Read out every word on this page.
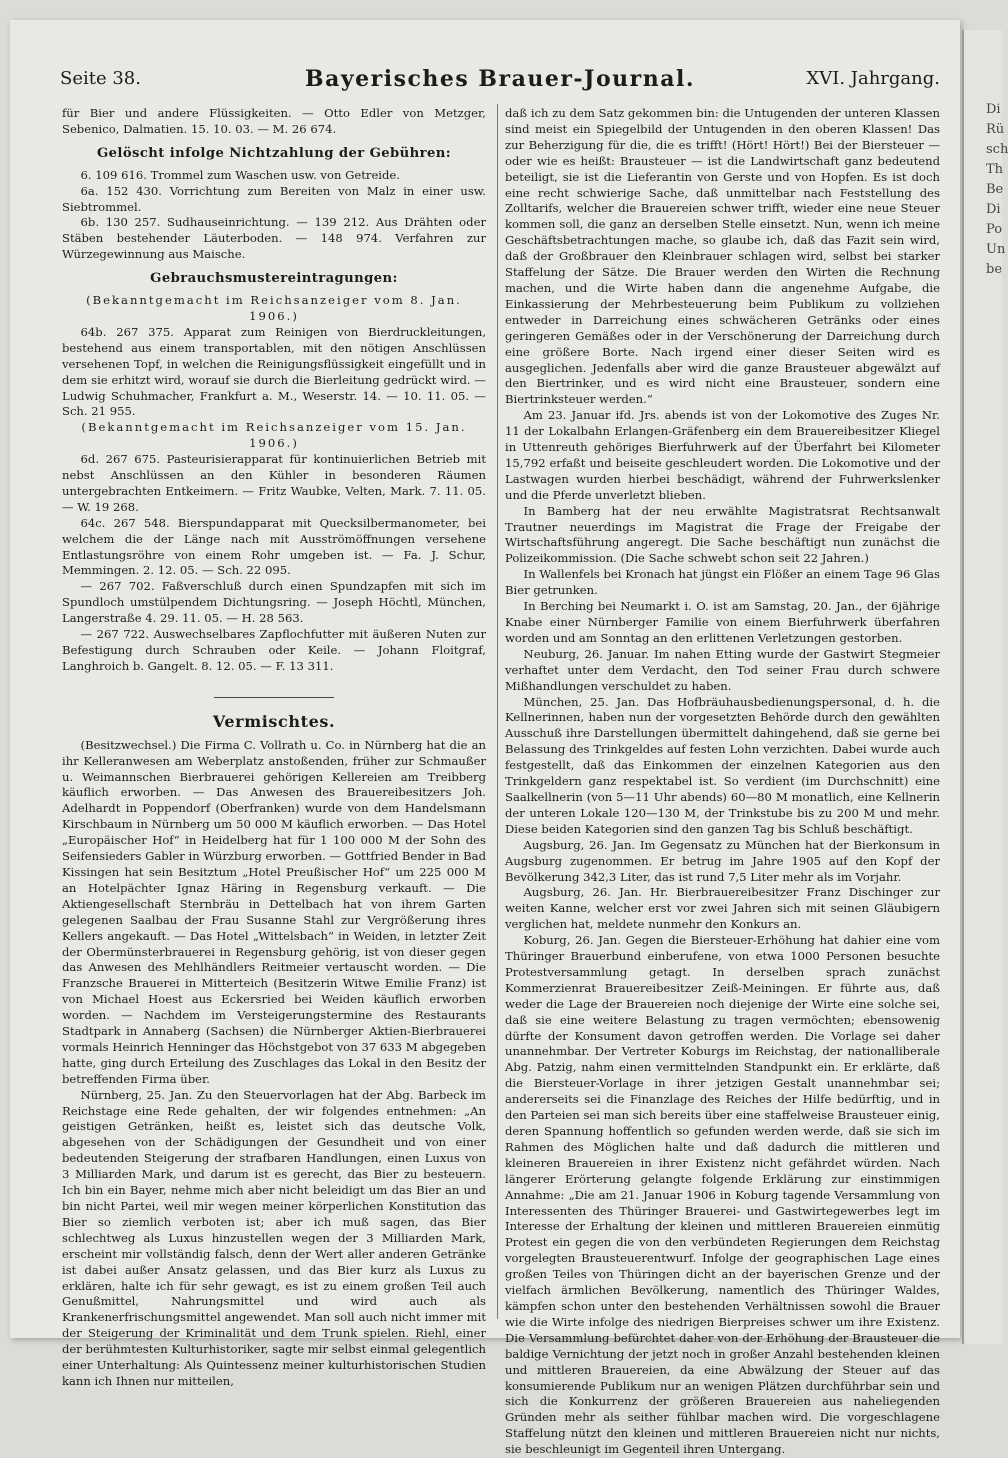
Di
Rü
sch
Th
Be
Di
Po
Un
be
Seite 38.	Bayerisches Brauer-Journal.	XVI. Jahrgang.

für Bier und andere Flüssigkeiten. — Otto Edler von Metzger, Sebenico, Dalmatien. 15. 10. 03. — M. 26 674.

Gelöscht infolge Nichtzahlung der Gebühren:

6. 109 616. Trommel zum Waschen usw. von Getreide.

6a. 152 430. Vorrichtung zum Bereiten von Malz in einer usw. Siebtrommel.

6b. 130 257. Sudhauseinrichtung. — 139 212. Aus Drähten oder Stäben bestehender Läuterboden. — 148 974. Verfahren zur Würzegewinnung aus Maische.

Gebrauchsmustereintragungen:

(Bekanntgemacht im Reichsanzeiger vom 8. Jan. 1906.)

64b. 267 375. Apparat zum Reinigen von Bierdruckleitungen, bestehend aus einem transportablen, mit den nötigen Anschlüssen versehenen Topf, in welchen die Reinigungsflüssigkeit eingefüllt und in dem sie erhitzt wird, worauf sie durch die Bierleitung gedrückt wird. — Ludwig Schuhmacher, Frankfurt a. M., Weserstr. 14. — 10. 11. 05. — Sch. 21 955.

(Bekanntgemacht im Reichsanzeiger vom 15. Jan. 1906.)

6d. 267 675. Pasteurisierapparat für kontinuierlichen Betrieb mit nebst Anschlüssen an den Kühler in besonderen Räumen untergebrachten Entkeimern. — Fritz Waubke, Velten, Mark. 7. 11. 05. — W. 19 268.

64c. 267 548. Bierspundapparat mit Quecksilbermanometer, bei welchem die der Länge nach mit Ausströmöffnungen versehene Entlastungsröhre von einem Rohr umgeben ist. — Fa. J. Schur, Memmingen. 2. 12. 05. — Sch. 22 095.

— 267 702. Faßverschluß durch einen Spundzapfen mit sich im Spundloch umstülpendem Dichtungsring. — Joseph Höchtl, München, Langerstraße 4. 29. 11. 05. — H. 28 563.

— 267 722. Auswechselbares Zapflochfutter mit äußeren Nuten zur Befestigung durch Schrauben oder Keile. — Johann Floitgraf, Langhroich b. Gangelt. 8. 12. 05. — F. 13 311.

Vermischtes.

(Besitzwechsel.) Die Firma C. Vollrath u. Co. in Nürnberg hat die an ihr Kelleranwesen am Weberplatz anstoßenden, früher zur Schmaußer u. Weimannschen Bierbrauerei gehörigen Kellereien am Treibberg käuflich erworben. — Das Anwesen des Brauereibesitzers Joh. Adelhardt in Poppendorf (Oberfranken) wurde von dem Handelsmann Kirschbaum in Nürnberg um 50 000 M käuflich erworben. — Das Hotel „Europäischer Hof“ in Heidelberg hat für 1 100 000 M der Sohn des Seifensieders Gabler in Würzburg erworben. — Gottfried Bender in Bad Kissingen hat sein Besitztum „Hotel Preußischer Hof“ um 225 000 M an Hotelpächter Ignaz Häring in Regensburg verkauft. — Die Aktiengesellschaft Sternbräu in Dettelbach hat von ihrem Garten gelegenen Saalbau der Frau Susanne Stahl zur Vergrößerung ihres Kellers angekauft. — Das Hotel „Wittelsbach“ in Weiden, in letzter Zeit der Obermünsterbrauerei in Regensburg gehörig, ist von dieser gegen das Anwesen des Mehlhändlers Reitmeier vertauscht worden. — Die Franzsche Brauerei in Mitterteich (Besitzerin Witwe Emilie Franz) ist von Michael Hoest aus Eckersried bei Weiden käuflich erworben worden. — Nachdem im Versteigerungstermine des Restaurants Stadtpark in Annaberg (Sachsen) die Nürnberger Aktien-Bierbrauerei vormals Heinrich Henninger das Höchstgebot von 37 633 M abgegeben hatte, ging durch Erteilung des Zuschlages das Lokal in den Besitz der betreffenden Firma über.

Nürnberg, 25. Jan. Zu den Steuervorlagen hat der Abg. Barbeck im Reichstage eine Rede gehalten, der wir folgendes entnehmen: „An geistigen Getränken, heißt es, leistet sich das deutsche Volk, abgesehen von der Schädigungen der Gesundheit und von einer bedeutenden Steigerung der strafbaren Handlungen, einen Luxus von 3 Milliarden Mark, und darum ist es gerecht, das Bier zu besteuern. Ich bin ein Bayer, nehme mich aber nicht beleidigt um das Bier an und bin nicht Partei, weil mir wegen meiner körperlichen Konstitution das Bier so ziemlich verboten ist; aber ich muß sagen, das Bier schlechtweg als Luxus hinzustellen wegen der 3 Milliarden Mark, erscheint mir vollständig falsch, denn der Wert aller anderen Getränke ist dabei außer Ansatz gelassen, und das Bier kurz als Luxus zu erklären, halte ich für sehr gewagt, es ist zu einem großen Teil auch Genußmittel, Nahrungsmittel und wird auch als Krankenerfrischungsmittel angewendet. Man soll auch nicht immer mit der Steigerung der Kriminalität und dem Trunk spielen. Riehl, einer der berühmtesten Kulturhistoriker, sagte mir selbst einmal gelegentlich einer Unterhaltung: Als Quintessenz meiner kulturhistorischen Studien kann ich Ihnen nur mitteilen,

daß ich zu dem Satz gekommen bin: die Untugenden der unteren Klassen sind meist ein Spiegelbild der Untugenden in den oberen Klassen! Das zur Beherzigung für die, die es trifft! (Hört! Hört!) Bei der Biersteuer — oder wie es heißt: Brausteuer — ist die Landwirtschaft ganz bedeutend beteiligt, sie ist die Lieferantin von Gerste und von Hopfen. Es ist doch eine recht schwierige Sache, daß unmittelbar nach Feststellung des Zolltarifs, welcher die Brauereien schwer trifft, wieder eine neue Steuer kommen soll, die ganz an derselben Stelle einsetzt. Nun, wenn ich meine Geschäftsbetrachtungen mache, so glaube ich, daß das Fazit sein wird, daß der Großbrauer den Kleinbrauer schlagen wird, selbst bei starker Staffelung der Sätze. Die Brauer werden den Wirten die Rechnung machen, und die Wirte haben dann die angenehme Aufgabe, die Einkassierung der Mehrbesteuerung beim Publikum zu vollziehen entweder in Darreichung eines schwächeren Getränks oder eines geringeren Gemäßes oder in der Verschönerung der Darreichung durch eine größere Borte. Nach irgend einer dieser Seiten wird es ausgeglichen. Jedenfalls aber wird die ganze Brausteuer abgewälzt auf den Biertrinker, und es wird nicht eine Brausteuer, sondern eine Biertrinksteuer werden.“

Am 23. Januar ifd. Jrs. abends ist von der Lokomotive des Zuges Nr. 11 der Lokalbahn Erlangen-Gräfenberg ein dem Brauereibesitzer Kliegel in Uttenreuth gehöriges Bierfuhrwerk auf der Überfahrt bei Kilometer 15,792 erfaßt und beiseite geschleudert worden. Die Lokomotive und der Lastwagen wurden hierbei beschädigt, während der Fuhrwerkslenker und die Pferde unverletzt blieben.

In Bamberg hat der neu erwählte Magistratsrat Rechtsanwalt Trautner neuerdings im Magistrat die Frage der Freigabe der Wirtschaftsführung angeregt. Die Sache beschäftigt nun zunächst die Polizeikommission. (Die Sache schwebt schon seit 22 Jahren.)

In Wallenfels bei Kronach hat jüngst ein Flößer an einem Tage 96 Glas Bier getrunken.

In Berching bei Neumarkt i. O. ist am Samstag, 20. Jan., der 6jährige Knabe einer Nürnberger Familie von einem Bierfuhrwerk überfahren worden und am Sonntag an den erlittenen Verletzungen gestorben.

Neuburg, 26. Januar. Im nahen Etting wurde der Gastwirt Stegmeier verhaftet unter dem Verdacht, den Tod seiner Frau durch schwere Mißhandlungen verschuldet zu haben.

München, 25. Jan. Das Hofbräuhausbedienungspersonal, d. h. die Kellnerinnen, haben nun der vorgesetzten Behörde durch den gewählten Ausschuß ihre Darstellungen übermittelt dahingehend, daß sie gerne bei Belassung des Trinkgeldes auf festen Lohn verzichten. Dabei wurde auch festgestellt, daß das Einkommen der einzelnen Kategorien aus den Trinkgeldern ganz respektabel ist. So verdient (im Durchschnitt) eine Saalkellnerin (von 5—11 Uhr abends) 60—80 M monatlich, eine Kellnerin der unteren Lokale 120—130 M, der Trinkstube bis zu 200 M und mehr. Diese beiden Kategorien sind den ganzen Tag bis Schluß beschäftigt.

Augsburg, 26. Jan. Im Gegensatz zu München hat der Bierkonsum in Augsburg zugenommen. Er betrug im Jahre 1905 auf den Kopf der Bevölkerung 342,3 Liter, das ist rund 7,5 Liter mehr als im Vorjahr.

Augsburg, 26. Jan. Hr. Bierbrauereibesitzer Franz Dischinger zur weiten Kanne, welcher erst vor zwei Jahren sich mit seinen Gläubigern verglichen hat, meldete nunmehr den Konkurs an.

Koburg, 26. Jan. Gegen die Biersteuer-Erhöhung hat dahier eine vom Thüringer Brauerbund einberufene, von etwa 1000 Personen besuchte Protestversammlung getagt. In derselben sprach zunächst Kommerzienrat Brauereibesitzer Zeiß-Meiningen. Er führte aus, daß weder die Lage der Brauereien noch diejenige der Wirte eine solche sei, daß sie eine weitere Belastung zu tragen vermöchten; ebensowenig dürfte der Konsument davon getroffen werden. Die Vorlage sei daher unannehmbar. Der Vertreter Koburgs im Reichstag, der nationalliberale Abg. Patzig, nahm einen vermittelnden Standpunkt ein. Er erklärte, daß die Biersteuer-Vorlage in ihrer jetzigen Gestalt unannehmbar sei; andererseits sei die Finanzlage des Reiches der Hilfe bedürftig, und in den Parteien sei man sich bereits über eine staffelweise Brausteuer einig, deren Spannung hoffentlich so gefunden werden werde, daß sie sich im Rahmen des Möglichen halte und daß dadurch die mittleren und kleineren Brauereien in ihrer Existenz nicht gefährdet würden. Nach längerer Erörterung gelangte folgende Erklärung zur einstimmigen Annahme: „Die am 21. Januar 1906 in Koburg tagende Versammlung von Interessenten des Thüringer Brauerei- und Gastwirtegewerbes legt im Interesse der Erhaltung der kleinen und mittleren Brauereien einmütig Protest ein gegen die von den verbündeten Regierungen dem Reichstag vorgelegten Brausteuerentwurf. Infolge der geographischen Lage eines großen Teiles von Thüringen dicht an der bayerischen Grenze und der vielfach ärmlichen Bevölkerung, namentlich des Thüringer Waldes, kämpfen schon unter den bestehenden Verhältnissen sowohl die Brauer wie die Wirte infolge des niedrigen Bierpreises schwer um ihre Existenz. Die Versammlung befürchtet daher von der Erhöhung der Brausteuer die baldige Vernichtung der jetzt noch in großer Anzahl bestehenden kleinen und mittleren Brauereien, da eine Abwälzung der Steuer auf das konsumierende Publikum nur an wenigen Plätzen durchführbar sein und sich die Konkurrenz der größeren Brauereien aus naheliegenden Gründen mehr als seither fühlbar machen wird. Die vorgeschlagene Staffelung nützt den kleinen und mittleren Brauereien nicht nur nichts, sie beschleunigt im Gegenteil ihren Untergang.
